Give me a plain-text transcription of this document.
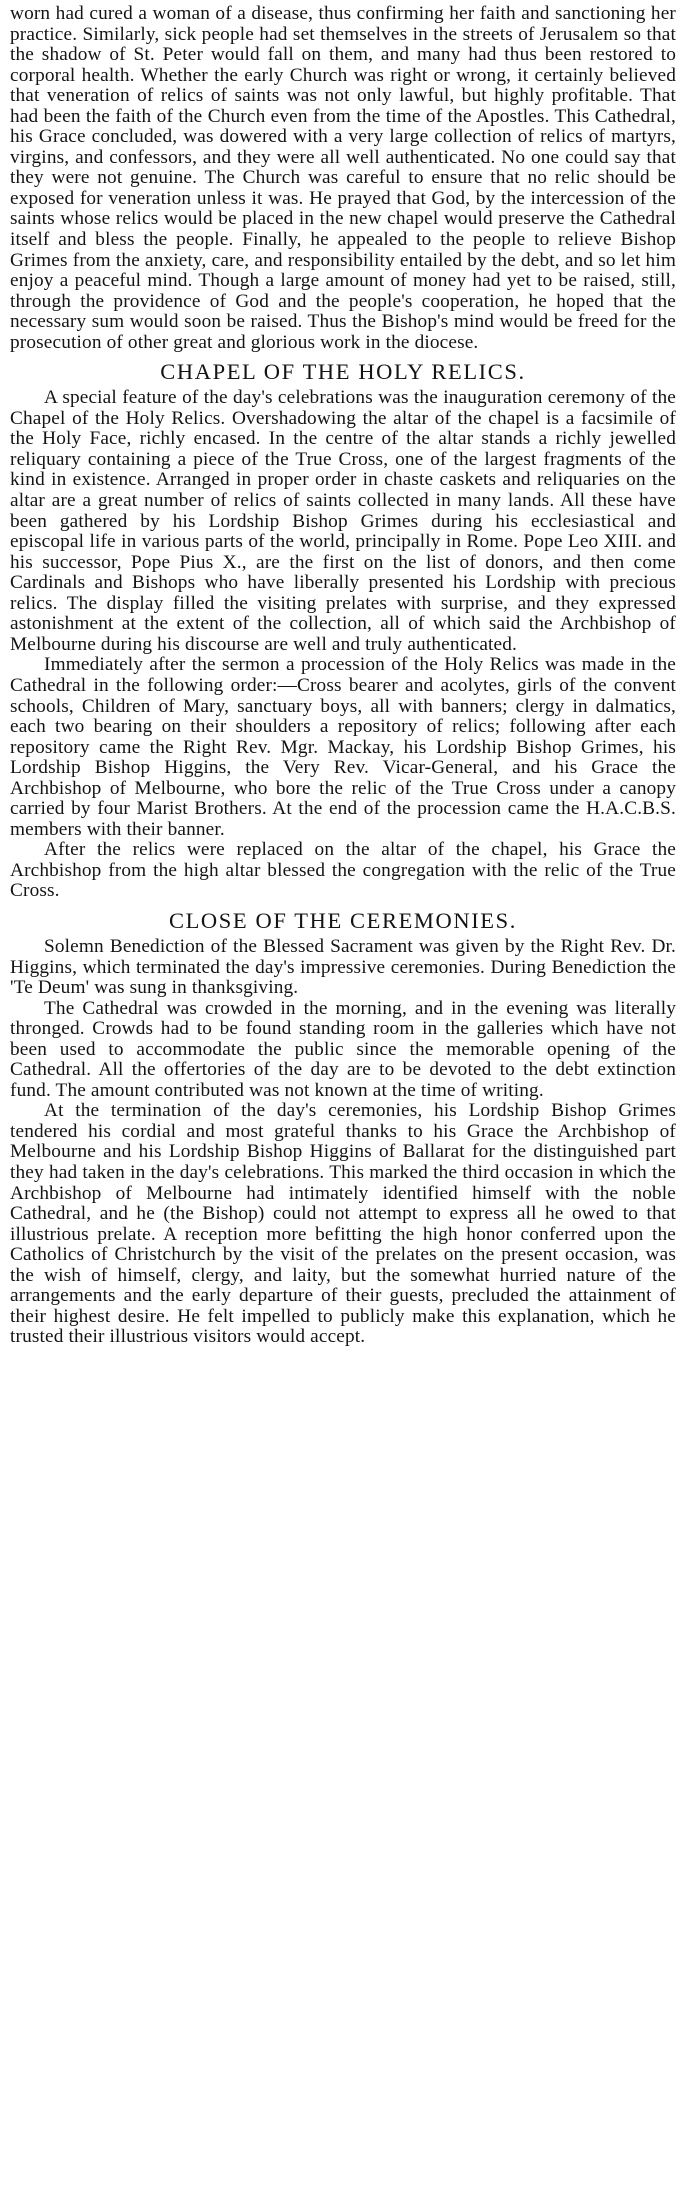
worn had cured a woman of a disease, thus confirming her faith and sanctioning her practice. Similarly, sick people had set themselves in the streets of Jerusalem so that the shadow of St. Peter would fall on them, and many had thus been restored to corporal health. Whether the early Church was right or wrong, it certainly believed that veneration of relics of saints was not only lawful, but highly profitable. That had been the faith of the Church even from the time of the Apostles. This Cathedral, his Grace concluded, was dowered with a very large collection of relics of martyrs, virgins, and confessors, and they were all well authenticated. No one could say that they were not genuine. The Church was careful to ensure that no relic should be exposed for veneration unless it was. He prayed that God, by the intercession of the saints whose relics would be placed in the new chapel would preserve the Cathedral itself and bless the people. Finally, he appealed to the people to relieve Bishop Grimes from the anxiety, care, and responsibility entailed by the debt, and so let him enjoy a peaceful mind. Though a large amount of money had yet to be raised, still, through the providence of God and the people's cooperation, he hoped that the necessary sum would soon be raised. Thus the Bishop's mind would be freed for the prosecution of other great and glorious work in the diocese.

CHAPEL OF THE HOLY RELICS.

A special feature of the day's celebrations was the inauguration ceremony of the Chapel of the Holy Relics. Overshadowing the altar of the chapel is a facsimile of the Holy Face, richly encased. In the centre of the altar stands a richly jewelled reliquary containing a piece of the True Cross, one of the largest fragments of the kind in existence. Arranged in proper order in chaste caskets and reliquaries on the altar are a great number of relics of saints collected in many lands. All these have been gathered by his Lordship Bishop Grimes during his ecclesiastical and episcopal life in various parts of the world, principally in Rome. Pope Leo XIII. and his successor, Pope Pius X., are the first on the list of donors, and then come Cardinals and Bishops who have liberally presented his Lordship with precious relics. The display filled the visiting prelates with surprise, and they expressed astonishment at the extent of the collection, all of which said the Archbishop of Melbourne during his discourse are well and truly authenticated.

Immediately after the sermon a procession of the Holy Relics was made in the Cathedral in the following order:—Cross bearer and acolytes, girls of the convent schools, Children of Mary, sanctuary boys, all with banners; clergy in dalmatics, each two bearing on their shoulders a repository of relics; following after each repository came the Right Rev. Mgr. Mackay, his Lordship Bishop Grimes, his Lordship Bishop Higgins, the Very Rev. Vicar-General, and his Grace the Archbishop of Melbourne, who bore the relic of the True Cross under a canopy carried by four Marist Brothers. At the end of the procession came the H.A.C.B.S. members with their banner.

After the relics were replaced on the altar of the chapel, his Grace the Archbishop from the high altar blessed the congregation with the relic of the True Cross.

CLOSE OF THE CEREMONIES.

Solemn Benediction of the Blessed Sacrament was given by the Right Rev. Dr. Higgins, which terminated the day's impressive ceremonies. During Benediction the 'Te Deum' was sung in thanksgiving.

The Cathedral was crowded in the morning, and in the evening was literally thronged. Crowds had to be found standing room in the galleries which have not been used to accommodate the public since the memorable opening of the Cathedral. All the offertories of the day are to be devoted to the debt extinction fund. The amount contributed was not known at the time of writing.

At the termination of the day's ceremonies, his Lordship Bishop Grimes tendered his cordial and most grateful thanks to his Grace the Archbishop of Melbourne and his Lordship Bishop Higgins of Ballarat for the distinguished part they had taken in the day's celebrations. This marked the third occasion in which the Archbishop of Melbourne had intimately identified himself with the noble Cathedral, and he (the Bishop) could not attempt to express all he owed to that illustrious prelate. A reception more befitting the high honor conferred upon the Catholics of Christchurch by the visit of the prelates on the present occasion, was the wish of himself, clergy, and laity, but the somewhat hurried nature of the arrangements and the early departure of their guests, precluded the attainment of their highest desire. He felt impelled to publicly make this explanation, which he trusted their illustrious visitors would accept.
